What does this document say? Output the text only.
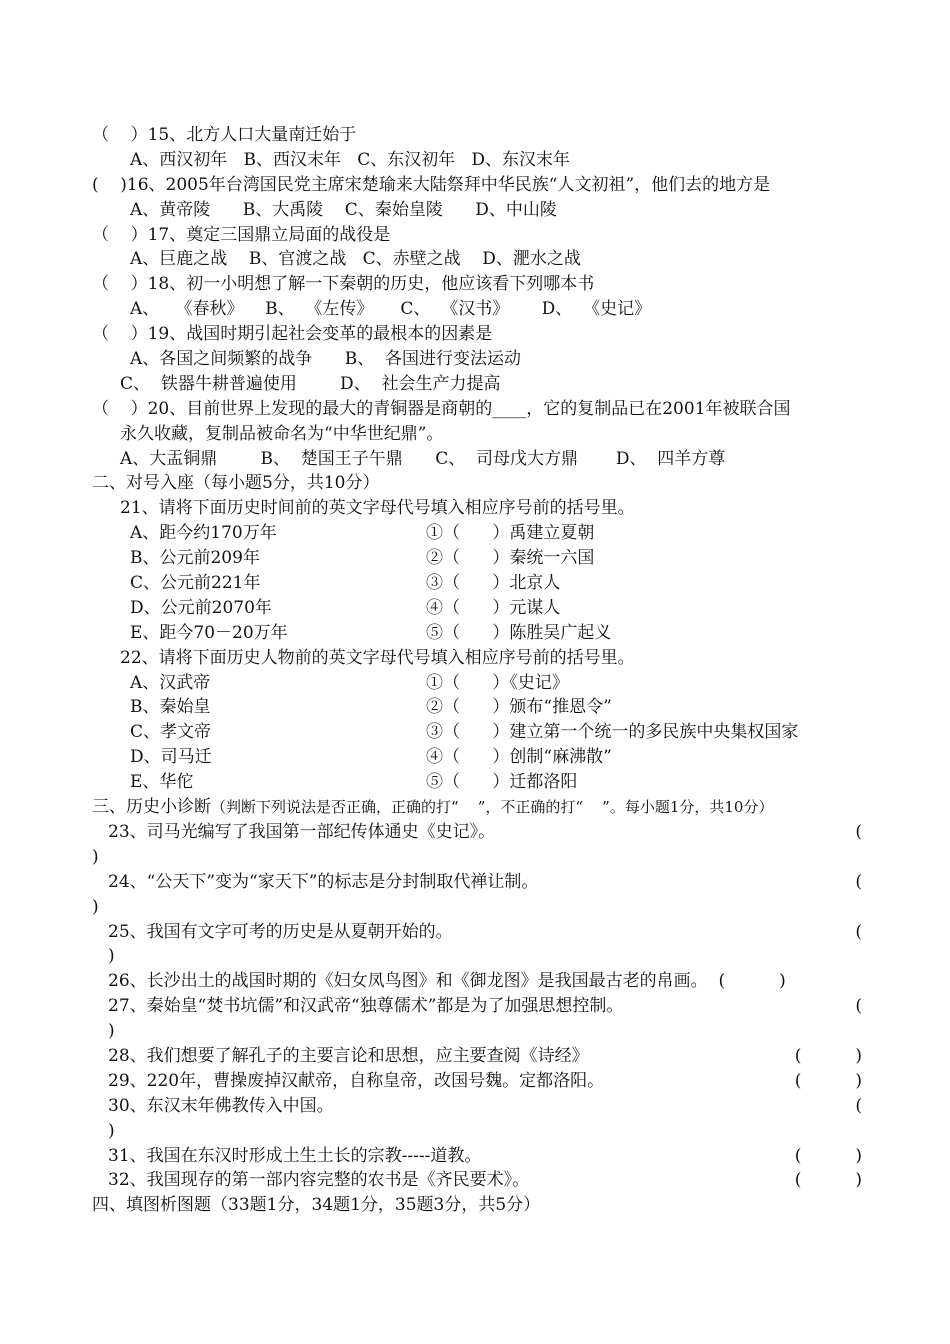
（    ）15、北方人口大量南迁始于
A、西汉初年   B、西汉末年   C、东汉初年   D、东汉末年
(    )16、2005年台湾国民党主席宋楚瑜来大陆祭拜中华民族“人文初祖”，他们去的地方是
A、黄帝陵      B、大禹陵    C、秦始皇陵      D、中山陵
（    ）17、奠定三国鼎立局面的战役是
A、巨鹿之战    B、官渡之战   C、赤壁之战    D、淝水之战
（    ）18、初一小明想了解一下秦朝的历史，他应该看下列哪本书
A、   《春秋》    B、  《左传》     C、  《汉书》      D、  《史记》
（    ）19、战国时期引起社会变革的最根本的因素是
A、各国之间频繁的战争      B、  各国进行变法运动
C、  铁器牛耕普遍使用        D、  社会生产力提高
（    ）20、目前世界上发现的最大的青铜器是商朝的____，它的复制品已在2001年被联合国
永久收藏，复制品被命名为“中华世纪鼎”。
A、大盂铜鼎        B、  楚国王子午鼎      C、  司母戊大方鼎       D、  四羊方尊
二、对号入座（每小题5分，共10分）
21、请将下面历史时间前的英文字母代号填入相应序号前的括号里。
A、距今约170万年	①（      ）禹建立夏朝
B、公元前209年	②（      ）秦统一六国
C、公元前221年	③（      ）北京人
D、公元前2070年	④（      ）元谋人
E、距今70－20万年	⑤（      ）陈胜吴广起义
22、请将下面历史人物前的英文字母代号填入相应序号前的括号里。
A、汉武帝	①（      ）《史记》
B、秦始皇	②（      ）颁布“推恩令”
C、孝文帝	③（      ）建立第一个统一的多民族中央集权国家
D、司马迁	④（      ）创制“麻沸散”
E、华佗	⑤（      ）迁都洛阳
三、历史小诊断（判断下列说法是否正确，正确的打“    ”，不正确的打“    ”。每小题1分，共10分）
23、司马光编写了我国第一部纪传体通史《史记》。	(
)
24、“公天下”变为“家天下”的标志是分封制取代禅让制。	(
)
25、我国有文字可考的历史是从夏朝开始的。	(
)
26、长沙出土的战国时期的《妇女凤鸟图》和《御龙图》是我国最古老的帛画。  (          )
27、秦始皇“焚书坑儒”和汉武帝“独尊儒术”都是为了加强思想控制。	(
)
28、我们想要了解孔子的主要言论和思想，应主要查阅《诗经》	(          )
29、220年，曹操废掉汉献帝，自称皇帝，改国号魏。定都洛阳。	(          )
30、东汉末年佛教传入中国。	(
)
31、我国在东汉时形成土生土长的宗教-----道教。	(          )
32、我国现存的第一部内容完整的农书是《齐民要术》。	(          )
四、填图析图题（33题1分，34题1分，35题3分，共5分）
